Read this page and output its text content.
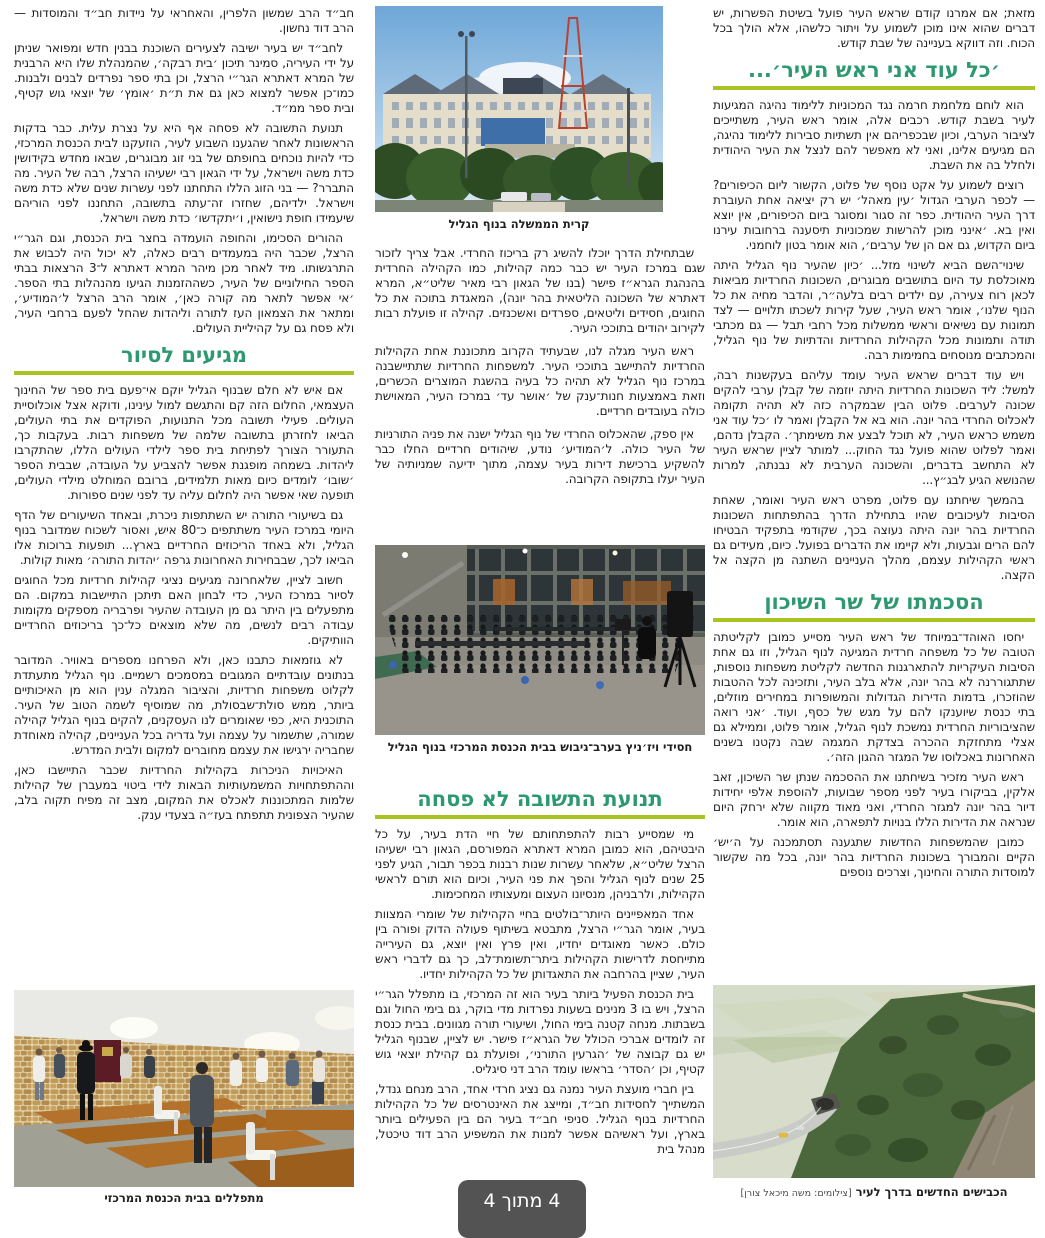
מזאת; אם אמרנו קודם שראש העיר פועל בשיטת הפשרות, יש דברים שהוא אינו מוכן לשמוע על ויתור כלשהו, אלא הולך בכל הכוח. וזה דווקא בעניינה של שבת קודש.

׳כל עוד אני ראש העיר׳...

הוא לוחם מלחמת חרמה נגד המכוניות ללימוד נהיגה המגיעות לעיר בשבת קודש. רכבים אלה, אומר ראש העיר, משתייכים לציבור הערבי, וכיון שבכפריהם אין תשתיות סבירות ללימוד נהיגה, הם מגיעים אלינו, ואני לא מאפשר להם לנצל את העיר היהודית ולחלל בה את השבת.

רוצים לשמוע על אקט נוסף של פלוט, הקשור ליום הכיפורים? — לכפר הערבי הגדול ׳עין מאהל׳ יש רק יציאה אחת העוברת דרך העיר היהודית. כפר זה סגור ומסוגר ביום הכיפורים, אין יוצא ואין בא. ׳אינני מוכן להרשות שמכוניות תיסענה ברחובות עירנו ביום הקדוש, גם אם הן של ערבים׳, הוא אומר בטון לוחמני.

שינוי־השם הביא לשינוי מזל... ׳כיון שהעיר נוף הגליל היתה מאוכלסת עד היום בתושבים מבוגרים, השכונות החרדיות מביאות לכאן רוח צעירה, עם ילדים רבים בלעה״ר, והדבר מחיה את כל הנוף שלנו׳, אומר ראש העיר, שעל קירות לשכתו תלויים — לצד תמונות עם נשיאים וראשי ממשלות מכל רחבי תבל — גם מכתבי תודה ותמונות מכל הקהילות החרדיות והדתיות של נוף הגליל, והמכתבים מנוסחים בחמימות רבה.

ויש עוד דברים שראש העיר עומד עליהם בעקשנות רבה, למשל: ליד השכונות החרדיות היתה יוזמה של קבלן ערבי להקים שכונה לערבים. פלוט הבין שבמקרה כזה לא תהיה תקומה לאכלוס החרדי בהר יונה. הוא בא אל הקבלן ואמר לו ׳כל עוד אני משמש כראש העיר, לא תוכל לבצע את משימתך׳. הקבלן נדהם, ואמר לפלוט שהוא פועל נגד החוק... למותר לציין שראש העיר לא התחשב בדברים, והשכונה הערבית לא נבנתה, למרות שהנושא הגיע לבג״ץ...

בהמשך שיחתנו עם פלוט, מפרט ראש העיר ואומר, שאחת הסיבות לעיכובים שהיו בתחילת הדרך בהתפתחות השכונות החרדיות בהר יונה היתה נעוצה בכך, שקודמי בתפקיד הבטיחו להם הרים וגבעות, ולא קיימו את הדברים בפועל. כיום, מעידים גם ראשי הקהילות עצמם, מהלך העניינים השתנה מן הקצה אל הקצה.

הסכמתו של שר השיכון

יחסו האוהד־במיוחד של ראש העיר מסייע כמובן לקליטתה הטובה של כל משפחה חרדית המגיעה לנוף הגליל, וזו גם אחת הסיבות העיקריות להתארגנות החדשה לקליטת משפחות נוספות, שתתגוררנה לא בהר יונה, אלא בלב העיר, ותזכינה לכל ההטבות שהוזכרו, בדמות הדירות הגדולות והמשופרות במחירים מוזלים, בתי כנסת שיוענקו להם על מגש של כסף, ועוד. ׳אני רואה שהציבוריות החרדית נמשכת לנוף הגליל, אומר פלוט, וממילא גם אצלי מתחזקת ההכרה בצדקת המגמה שבה נקטנו בשנים האחרונות באכלוסו של המגזר ההגון הזה׳.

ראש העיר מזכיר בשיחתנו את ההסכמה שנתן שר השיכון, זאב אלקין, בביקורו בעיר לפני מספר שבועות, להוספת אלפי יחידות דיור בהר יונה למגזר החרדי, ואני מאוד מקווה שלא ירחק היום שנראה את הדירות הללו בנויות לתפארה, הוא אומר.

כמובן שהמשפחות החדשות שתגענה תסתמכנה על ה׳יש׳ הקיים והמבורך בשכונות החרדיות בהר יונה, בכל מה שקשור למוסדות התורה והחינוך, וצרכים נוספים

הכבישים החדשים בדרך לעיר [צילומים: משה מיכאל צורן]
קרית הממשלה בנוף הגליל

שבתחילת הדרך יוכלו להשיג רק בריכוז החרדי. אבל צריך לזכור שגם במרכז העיר יש כבר כמה קהילות, כמו הקהילה החרדית בהנהגת הגרא״ז פישר (בנו של הגאון רבי מאיר שליט״א, המרא דאתרא של השכונה הליטאית בהר יונה), המאגדת בתוכה את כל החוגים, חסידים וליטאים, ספרדים ואשכנזים. קהילה זו פועלת רבות לקירוב יהודים בתוככי העיר.

ראש העיר מגלה לנו, שבעתיד הקרוב מתכוננת אחת הקהילות החרדיות להתיישב בתוככי העיר. למשפחות החרדיות שתתיישבנה במרכז נוף הגליל לא תהיה כל בעיה בהשגת המוצרים הכשרים, וזאת באמצעות חנות־ענק של ׳אושר עד׳ במרכז העיר, המאוישת כולה בעובדים חרדיים.

אין ספק, שהאכלוס החרדי של נוף הגליל ישנה את פניה התורניות של העיר כולה. ל׳המודיע׳ נודע, שיהודים חרדיים החלו כבר להשקיע ברכישת דירות בעיר עצמה, מתוך ידיעה שמניותיה של העיר יעלו בתקופה הקרובה.

חסידי ויז׳ניץ בערב־גיבוש בבית הכנסת המרכזי בנוף הגליל
תנועת התשובה לא פסחה

מי שמסייע רבות להתפתחותם של חיי הדת בעיר, על כל היבטיהם, הוא כמובן המרא דאתרא המפורסם, הגאון רבי ישעיהו הרצל שליט״א, שלאחר עשרות שנות רבנות בכפר תבור, הגיע לפני 25 שנים לנוף הגליל והפך את פני העיר, וכיום הוא תורם לראשי הקהילות, ולרבניהן, מנסיונו העצום ומעצותיו המחכימות.

אחד המאפיינים היותר־בולטים בחיי הקהילות של שומרי המצוות בעיר, אומר הגר״י הרצל, מתבטא בשיתוף פעולה הדוק ופורה בין כולם. כאשר מאוגדים יחדיו, ואין פרץ ואין יוצא, גם העירייה מתייחסת לדרישות הקהילות ביתר־תשומת־לב, כך גם לדברי ראש העיר, שציין בהרחבה את התאגדותן של כל הקהילות יחדיו.

בית הכנסת הפעיל ביותר בעיר הוא זה המרכזי, בו מתפלל הגר״י הרצל, ויש בו 3 מנינים בשעות נפרדות מדי בוקר, גם בימי החול וגם בשבתות. מנחה קטנה בימי החול, ושיעורי תורה מגוונים. בבית כנסת זה לומדים אברכי הכולל של הגרא״ז פישר. יש לציין, שבנוף הגליל יש גם קבוצה של ׳הגרעין התורני׳, ופועלת גם קהילת יוצאי גוש קטיף, וכן ׳הסדר׳ בראשו עומד הרב דני סיגליס.

בין חברי מועצת העיר נמנה גם נציג חרדי אחד, הרב מנחם גנדל, המשתייך לחסידות חב״ד, ומייצג את האינטרסים של כל הקהילות החרדיות בנוף הגליל. סניפי חב״ד בעיר הם בין הפעילים ביותר בארץ, ועל ראשיהם אפשר למנות את המשפיע הרב דוד טיכטל, מנהל בית

חב״ד הרב שמשון הלפרין, והאחראי על ניידות חב״ד והמוסדות — הרב דוד נחשון.

לחב״ד יש בעיר ישיבה לצעירים השוכנת בבנין חדש ומפואר שניתן על ידי העיריה, סמינר תיכון ׳בית רבקה׳, שהמנהלת שלו היא הרבנית של המרא דאתרא הגר״י הרצל, וכן בתי ספר נפרדים לבנים ולבנות. כמו־כן אפשר למצוא כאן גם את ת״ת ׳אומץ׳ של יוצאי גוש קטיף, ובית ספר ממ״ד.

תנועת התשובה לא פסחה אף היא על נצרת עלית. כבר בדקות הראשונות לאחר שהגענו השבוע לעיר, הוזעקנו לבית הכנסת המרכזי, כדי להיות נוכחים בחופתם של בני זוג מבוגרים, שבאו מחדש בקידושין כדת משה וישראל, על ידי הגאון רבי ישעיהו הרצל, רבה של העיר. מה התברר? — בני הזוג הללו התחתנו לפני עשרות שנים שלא כדת משה וישראל. ילדיהם, שחזרו זה־עתה בתשובה, התחננו לפני הוריהם שיעמידו חופת נישואין, ו׳יתקדשו׳ כדת משה וישראל.

ההורים הסכימו, והחופה הועמדה בחצר בית הכנסת, וגם הגר״י הרצל, שכבר היה במעמדים רבים כאלה, לא יכול היה לכבוש את התרגשותו. מיד לאחר מכן מיהר המרא דאתרא ל־3 הרצאות בבתי הספר החילוניים של העיר, כשההזמנות הגיעו מהנהלות בתי הספר. ׳אי אפשר לתאר מה קורה כאן׳, אומר הרב הרצל ל׳המודיע׳, ומתאר את הצמאון העז לתורה וליהדות שהחל לפעם ברחבי העיר, ולא פסח גם על קהיליית העולים.

מגיעים לסיור

אם איש לא חלם שבנוף הגליל יוקם אי־פעם בית ספר של החינוך העצמאי, החלום הזה קם והתגשם למול עינינו, ודוקא אצל אוכלוסיית העולים. פעילי תשובה מכל התנועות, הפוקדים את בתי העולים, הביאו לחזרתן בתשובה שלמה של משפחות רבות. בעקבות כך, התעורר הצורך לפתיחת בית ספר לילדי העולים הללו, שהתקרבו ליהדות. בשמחה מופגנת אפשר להצביע על העובדה, שבבית הספר ׳שובו׳ לומדים כיום מאות תלמידים, ברובם המוחלט מילדי העולים, תופעה שאי אפשר היה לחלום עליה עד לפני שנים ספורות.

גם בשיעורי התורה יש השתתפות ניכרת, ובאחד השיעורים של הדף היומי במרכז העיר משתתפים כ־80 איש, ואסור לשכוח שמדובר בנוף הגליל, ולא באחד הריכוזים החרדיים בארץ... תופעות ברוכות אלו הביאו לכך, שבבחירות האחרונות גרפה ׳יהדות התורה׳ מאות קולות.

חשוב לציין, שלאחרונה מגיעים נציגי קהילות חרדיות מכל החוגים לסיור במרכז העיר, כדי לבחון האם תיתכן התיישבות במקום. הם מתפעלים בין היתר גם מן העובדה שהעיר ופרבריה מספקים מקומות עבודה רבים לנשים, מה שלא מוצאים כל־כך בריכוזים החרדיים הוותיקים.

לא גוזמאות כתבנו כאן, ולא הפרחנו מספרים באוויר. המדובר בנתונים עובדתיים המגובים במסמכים רשמיים. נוף הגליל מתעתדת לקלוט משפחות חרדיות, והציבור המגלה ענין הוא מן האיכותיים ביותר, ממש סולת־שבסולת, מה שמוסיף לשמה הטוב של העיר. התוכנית היא, כפי שאומרים לנו העסקנים, להקים בנוף הגליל קהילה שמורה, שתשמור על עצמה ועל גדריה בכל העניינים, קהילה מאוחדת שחבריה ירגישו את עצמם מחוברים למקום ולבית המדרש.

האיכויות הניכרות בקהילות החרדיות שכבר התיישבו כאן, וההתפתחויות המשמעותיות הבאות לידי ביטוי במעברן של קהילות שלמות המתכוננות לאכלס את המקום, מצב זה מפיח תקוה בלב, שהעיר הצפונית תתפתח בעז״ה בצעדי ענק.

מתפללים בבית הכנסת המרכזי	4 מתוך 4
